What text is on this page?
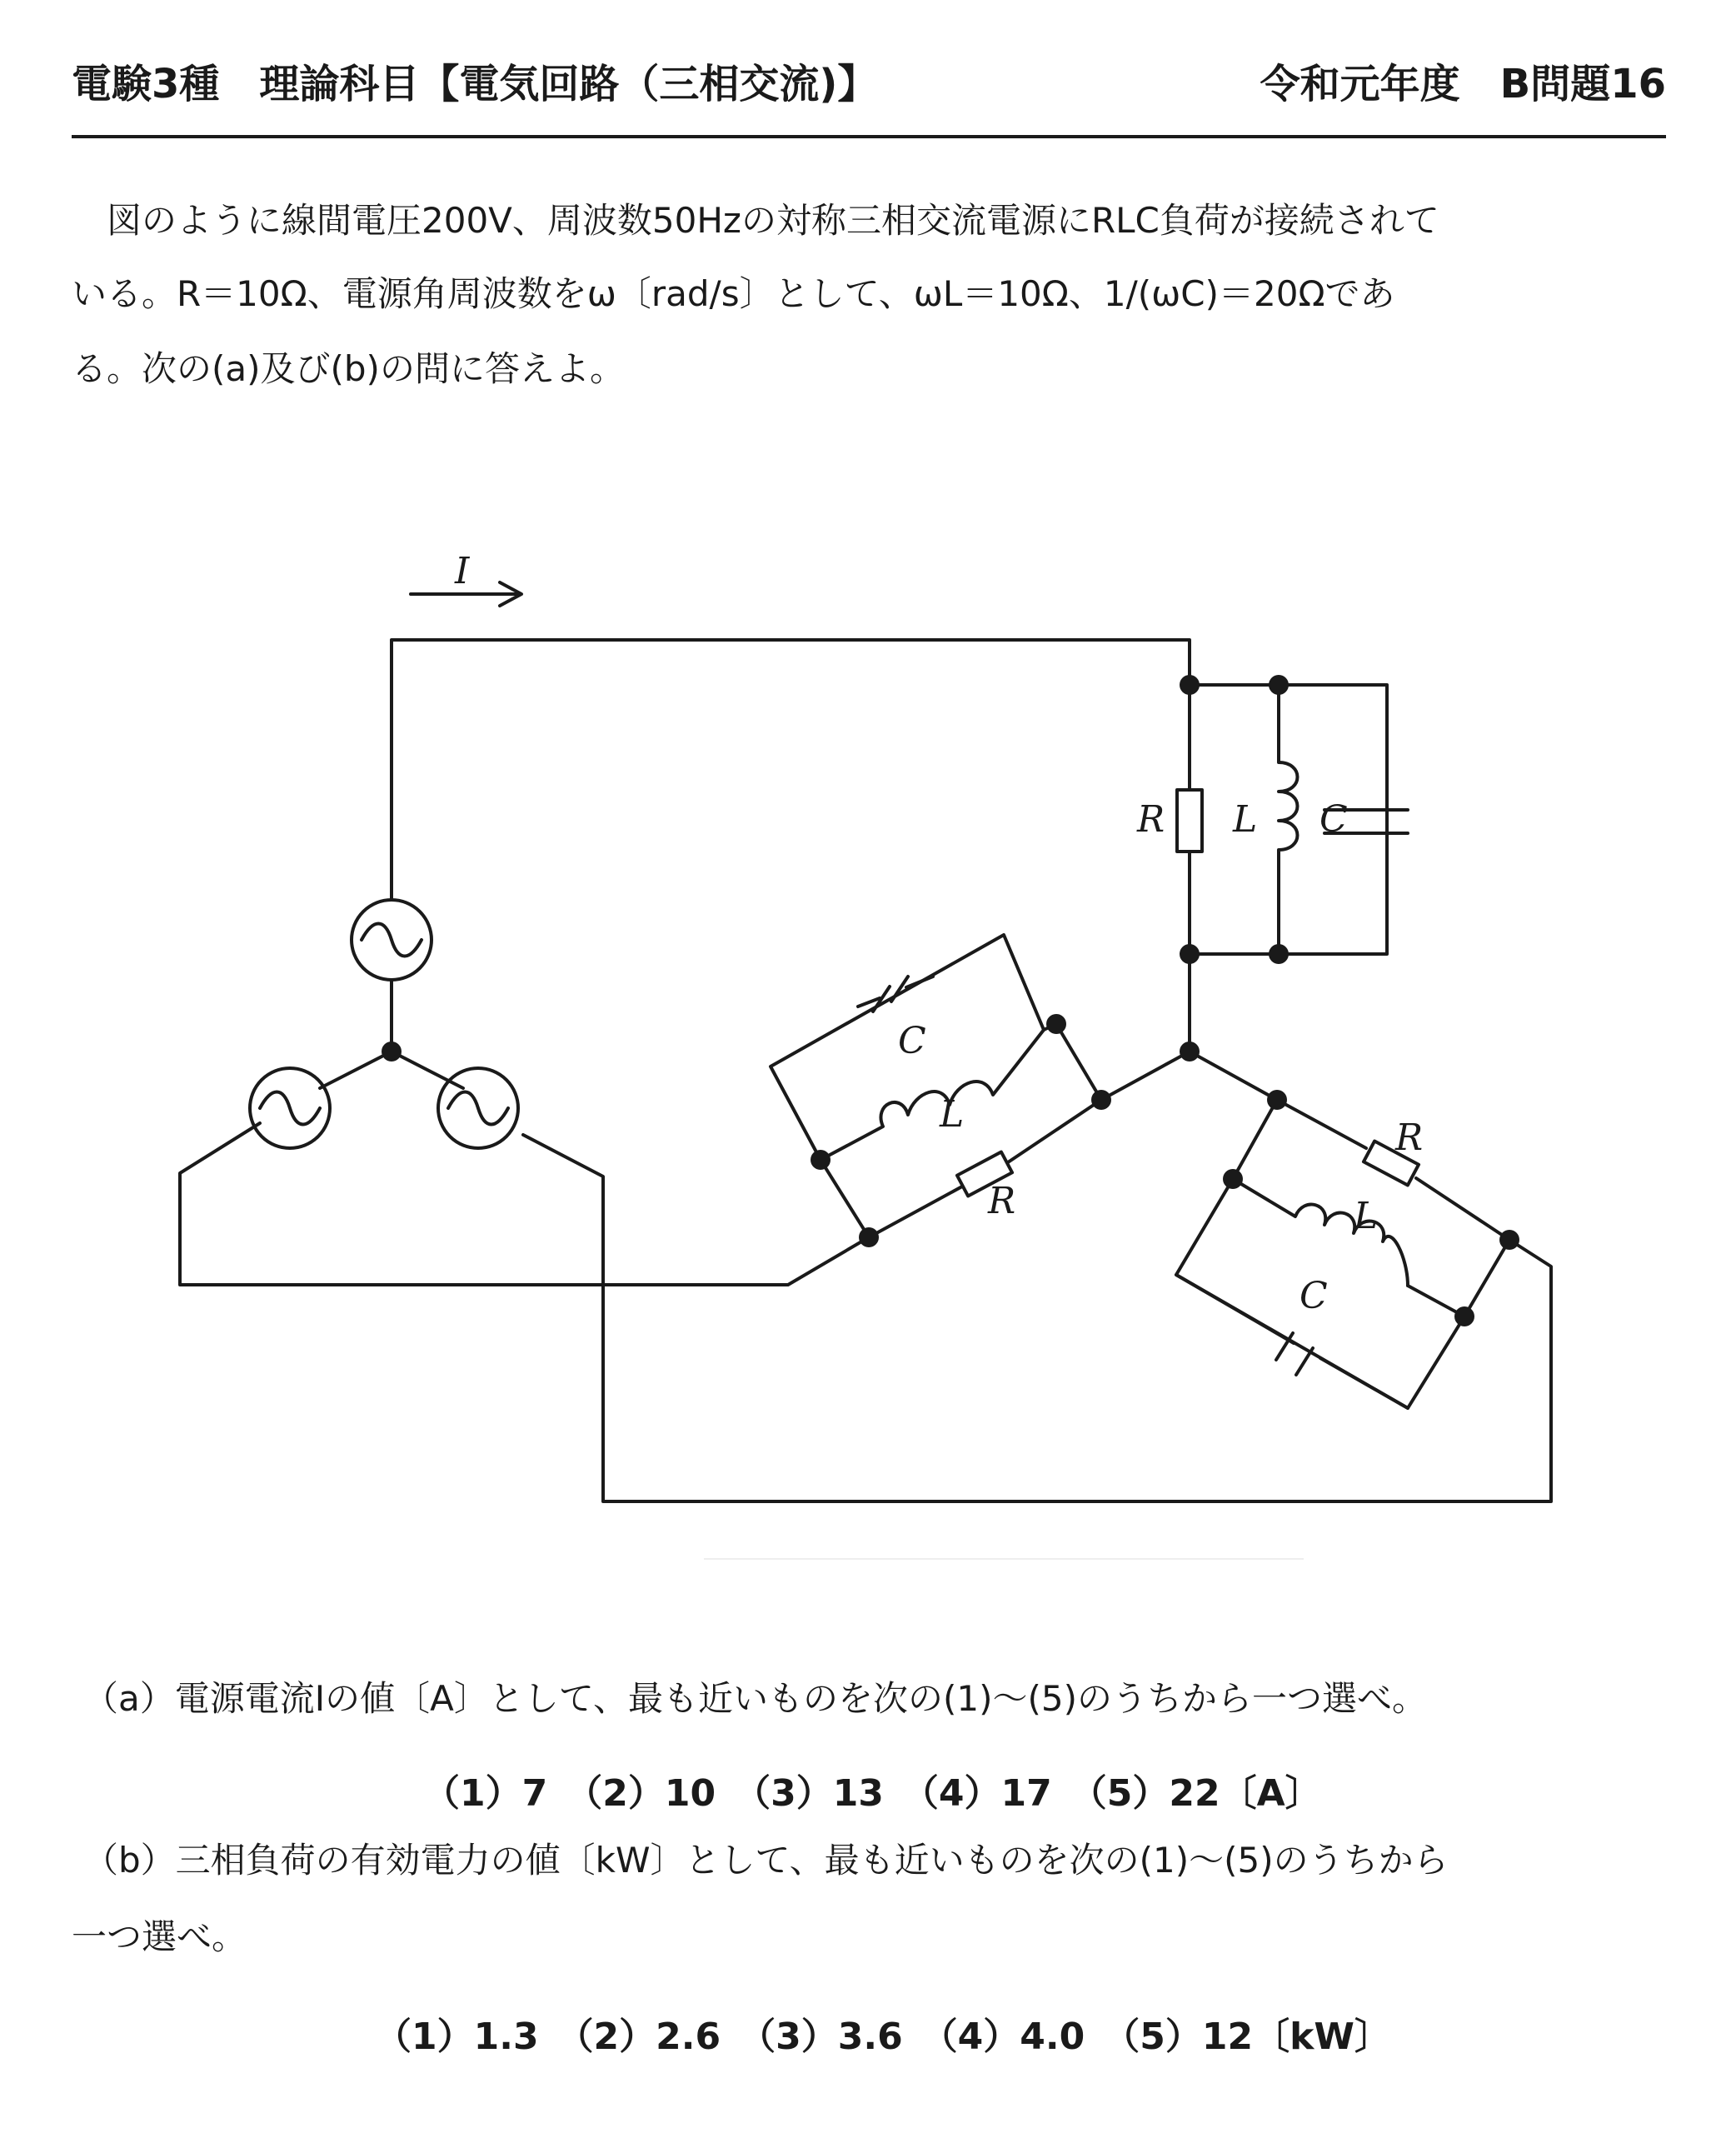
電験3種　理論科目【電気回路（三相交流)】	令和元年度　B問題16
　図のように線間電圧200V、周波数50Hzの対称三相交流電源にRLC負荷が接続されて
いる。R＝10Ω、電源角周波数をω〔rad/s〕として、ωL＝10Ω、1/(ωC)＝20Ωであ
る。次の(a)及び(b)の問に答えよ。
I
R L C
C
L
R
R
L
C
（a）電源電流Iの値〔A〕として、最も近いものを次の(1)～(5)のうちから一つ選べ。
（1）7　（2）10　（3）13　（4）17　（5）22〔A〕
（b）三相負荷の有効電力の値〔kW〕として、最も近いものを次の(1)～(5)のうちから
一つ選べ。
（1）1.3　（2）2.6　（3）3.6　（4）4.0　（5）12〔kW〕
